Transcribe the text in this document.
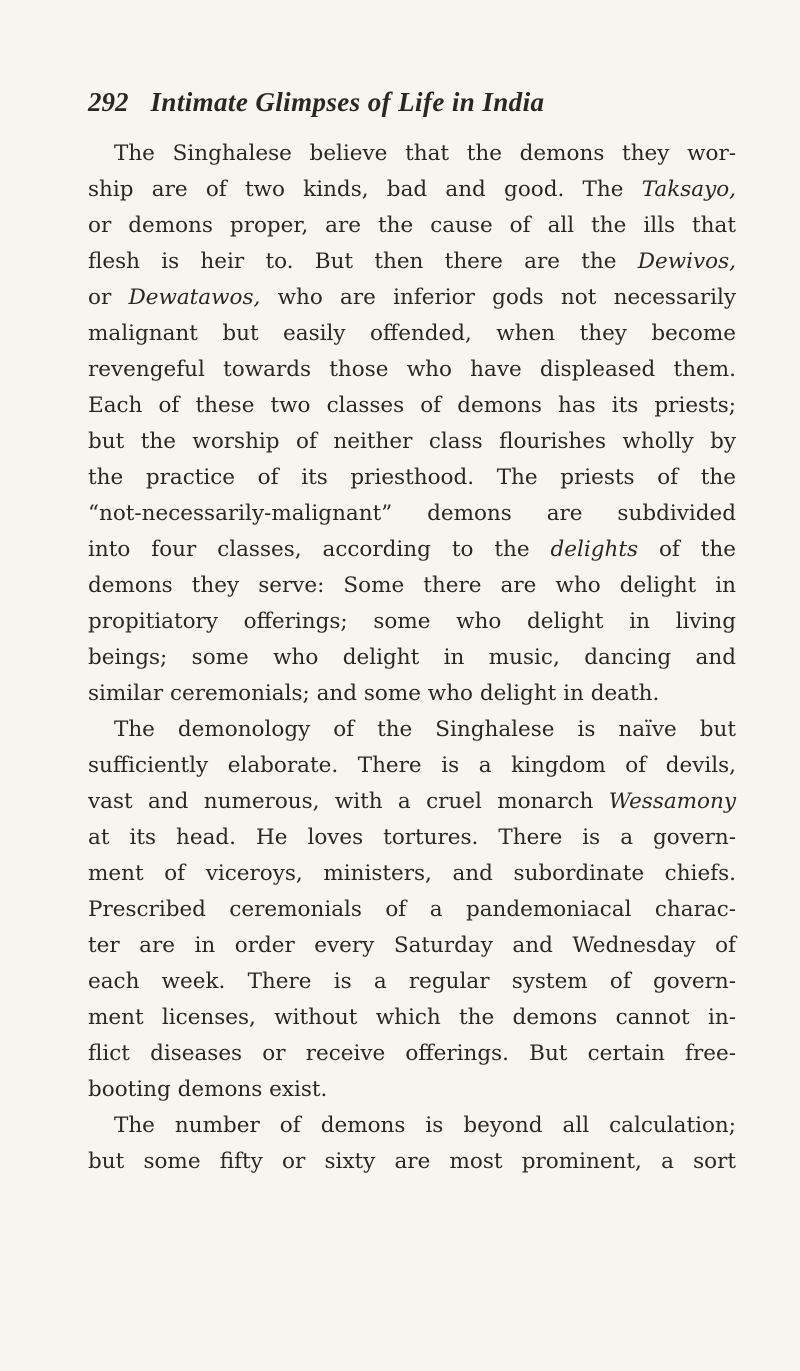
292 Intimate Glimpses of Life in India
The Singhalese believe that the demons they wor-
ship are of two kinds, bad and good. The Taksayo,
or demons proper, are the cause of all the ills that
flesh is heir to. But then there are the Dewivos,
or Dewatawos, who are inferior gods not necessarily
malignant but easily offended, when they become
revengeful towards those who have displeased them.
Each of these two classes of demons has its priests;
but the worship of neither class flourishes wholly by
the practice of its priesthood. The priests of the
“not-necessarily-malignant” demons are subdivided
into four classes, according to the delights of the
demons they serve: Some there are who delight in
propitiatory offerings; some who delight in living
beings; some who delight in music, dancing and
similar ceremonials; and some who delight in death.
The demonology of the Singhalese is naïve but
sufficiently elaborate. There is a kingdom of devils,
vast and numerous, with a cruel monarch Wessamony
at its head. He loves tortures. There is a govern-
ment of viceroys, ministers, and subordinate chiefs.
Prescribed ceremonials of a pandemoniacal charac-
ter are in order every Saturday and Wednesday of
each week. There is a regular system of govern-
ment licenses, without which the demons cannot in-
flict diseases or receive offerings. But certain free-
booting demons exist.
The number of demons is beyond all calculation;
but some fifty or sixty are most prominent, a sort
